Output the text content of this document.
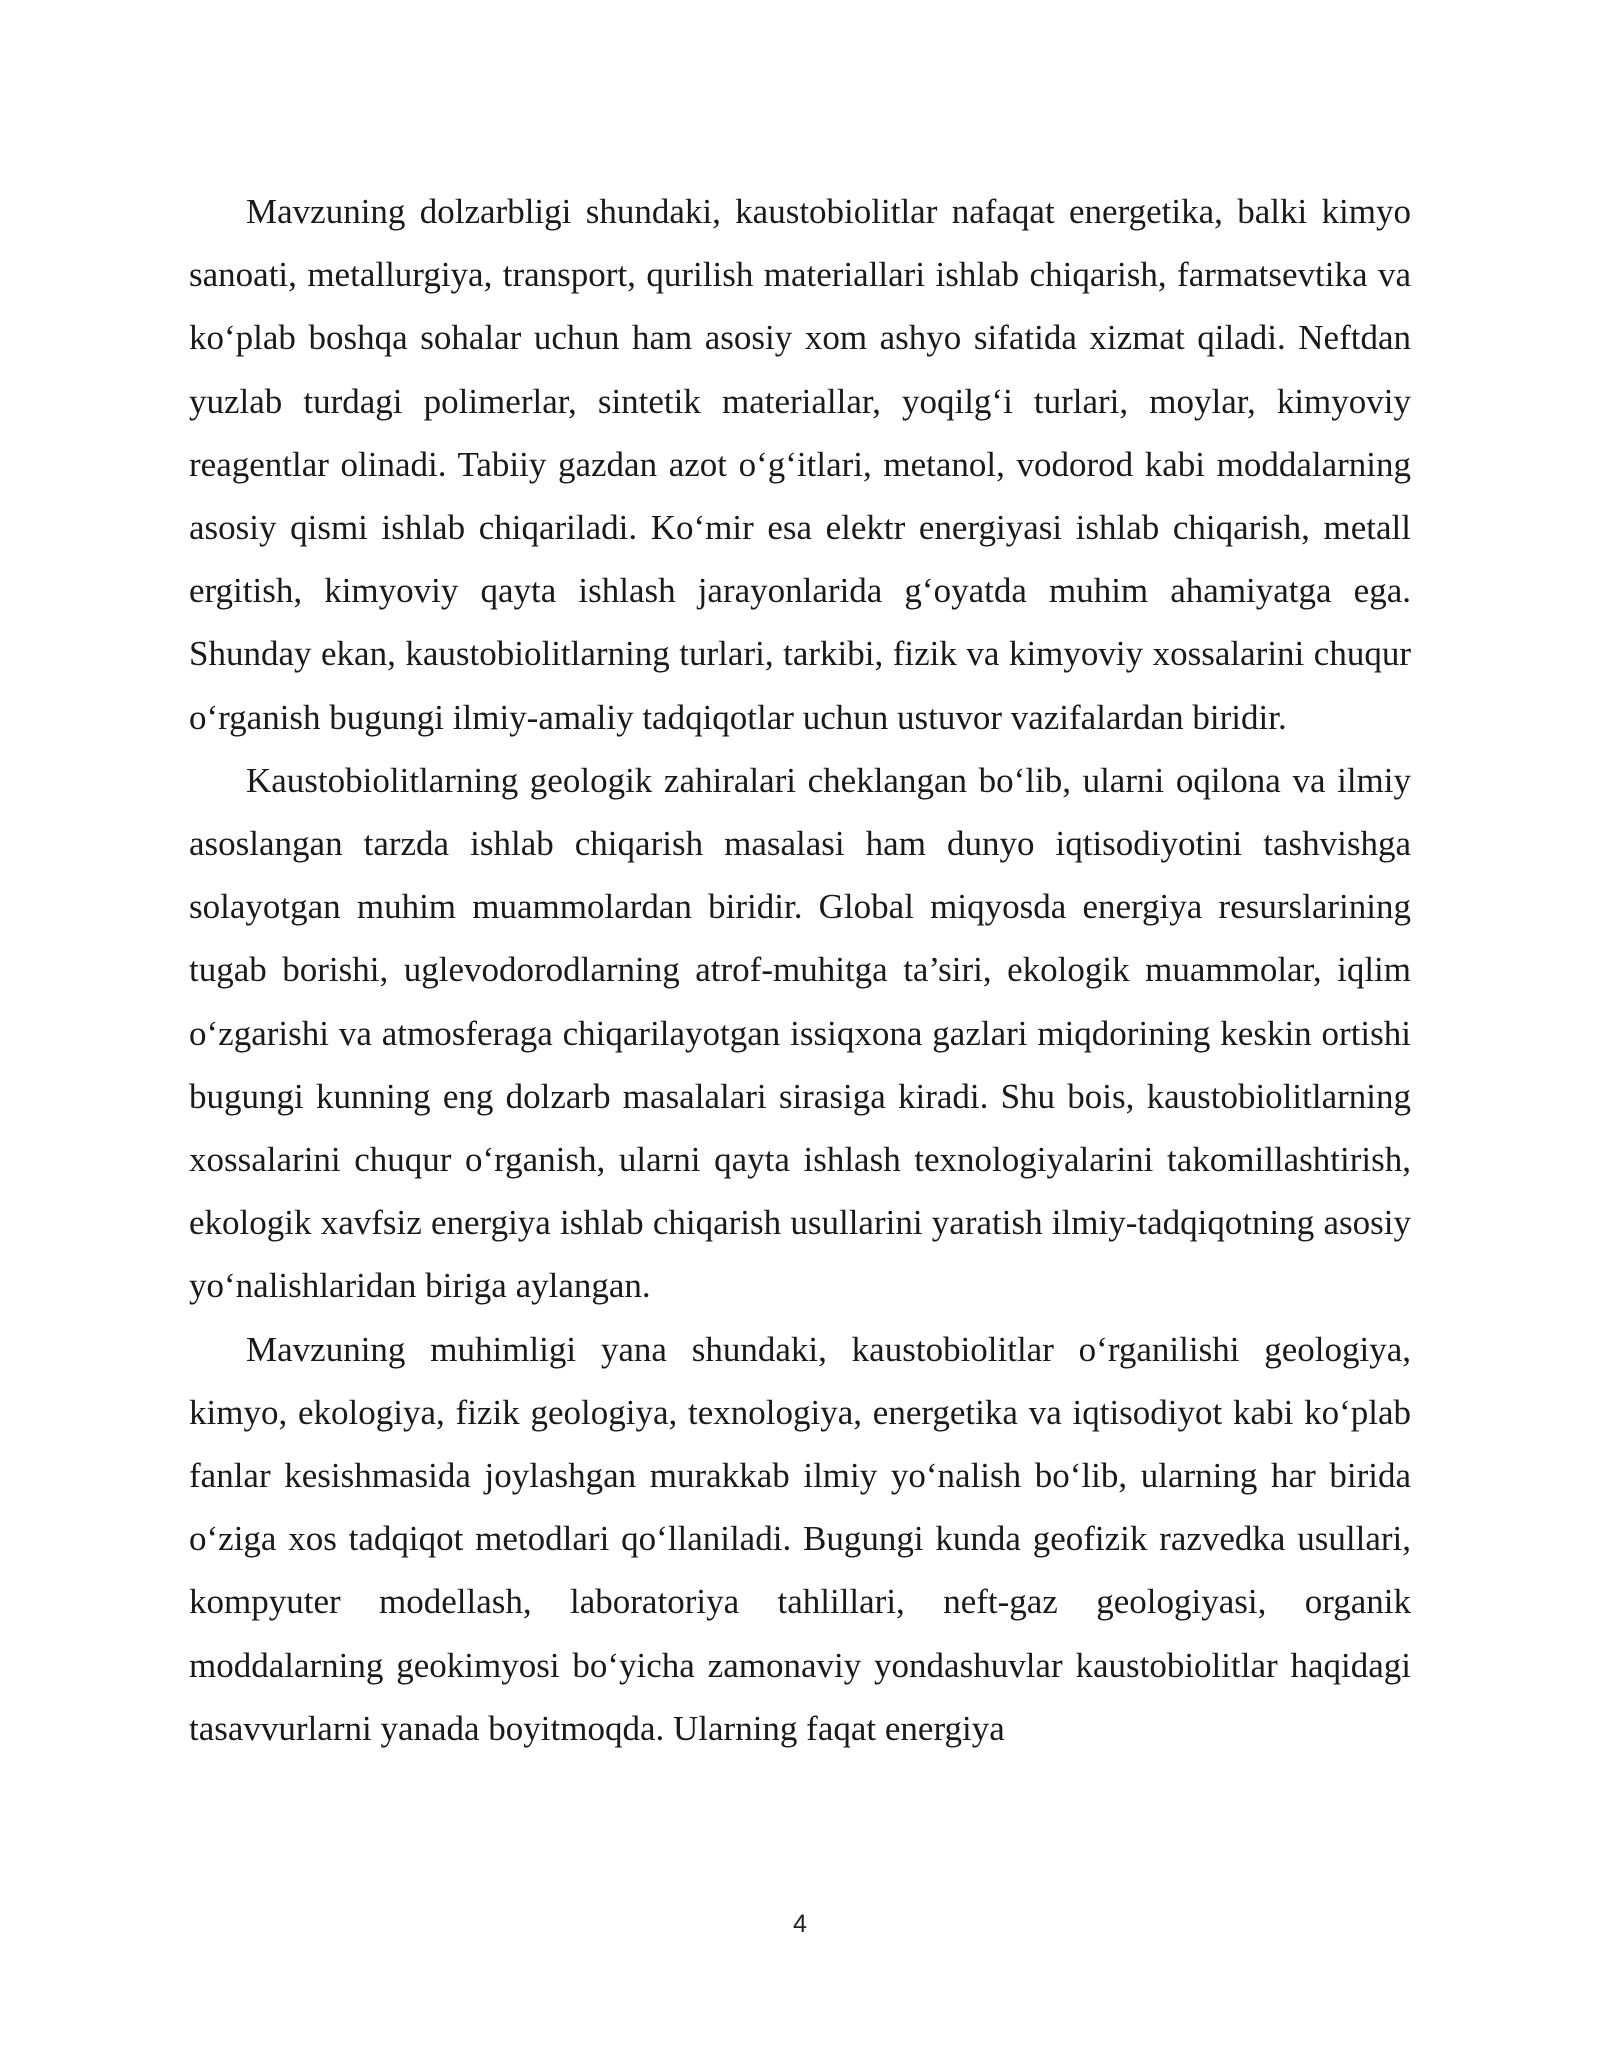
Mavzuning dolzarbligi shundaki, kaustobiolitlar nafaqat energetika, balki kimyo sanoati, metallurgiya, transport, qurilish materiallari ishlab chiqarish, farmatsevtika va koʻplab boshqa sohalar uchun ham asosiy xom ashyo sifatida xizmat qiladi. Neftdan yuzlab turdagi polimerlar, sintetik materiallar, yoqilgʻi turlari, moylar, kimyoviy reagentlar olinadi. Tabiiy gazdan azot oʻgʻitlari, metanol, vodorod kabi moddalarning asosiy qismi ishlab chiqariladi. Koʻmir esa elektr energiyasi ishlab chiqarish, metall ergitish, kimyoviy qayta ishlash jarayonlarida gʻoyatda muhim ahamiyatga ega. Shunday ekan, kaustobiolitlarning turlari, tarkibi, fizik va kimyoviy xossalarini chuqur oʻrganish bugungi ilmiy-amaliy tadqiqotlar uchun ustuvor vazifalardan biridir.

Kaustobiolitlarning geologik zahiralari cheklangan boʻlib, ularni oqilona va ilmiy asoslangan tarzda ishlab chiqarish masalasi ham dunyo iqtisodiyotini tashvishga solayotgan muhim muammolardan biridir. Global miqyosda energiya resurslarining tugab borishi, uglevodorodlarning atrof-muhitga ta’siri, ekologik muammolar, iqlim oʻzgarishi va atmosferaga chiqarilayotgan issiqxona gazlari miqdorining keskin ortishi bugungi kunning eng dolzarb masalalari sirasiga kiradi. Shu bois, kaustobiolitlarning xossalarini chuqur oʻrganish, ularni qayta ishlash texnologiyalarini takomillashtirish, ekologik xavfsiz energiya ishlab chiqarish usullarini yaratish ilmiy-tadqiqotning asosiy yoʻnalishlaridan biriga aylangan.

Mavzuning muhimligi yana shundaki, kaustobiolitlar oʻrganilishi geologiya, kimyo, ekologiya, fizik geologiya, texnologiya, energetika va iqtisodiyot kabi koʻplab fanlar kesishmasida joylashgan murakkab ilmiy yoʻnalish boʻlib, ularning har birida oʻziga xos tadqiqot metodlari qoʻllaniladi. Bugungi kunda geofizik razvedka usullari, kompyuter modellash, laboratoriya tahlillari, neft-gaz geologiyasi, organik moddalarning geokimyosi boʻyicha zamonaviy yondashuvlar kaustobiolitlar haqidagi tasavvurlarni yanada boyitmoqda. Ularning faqat energiya

4
